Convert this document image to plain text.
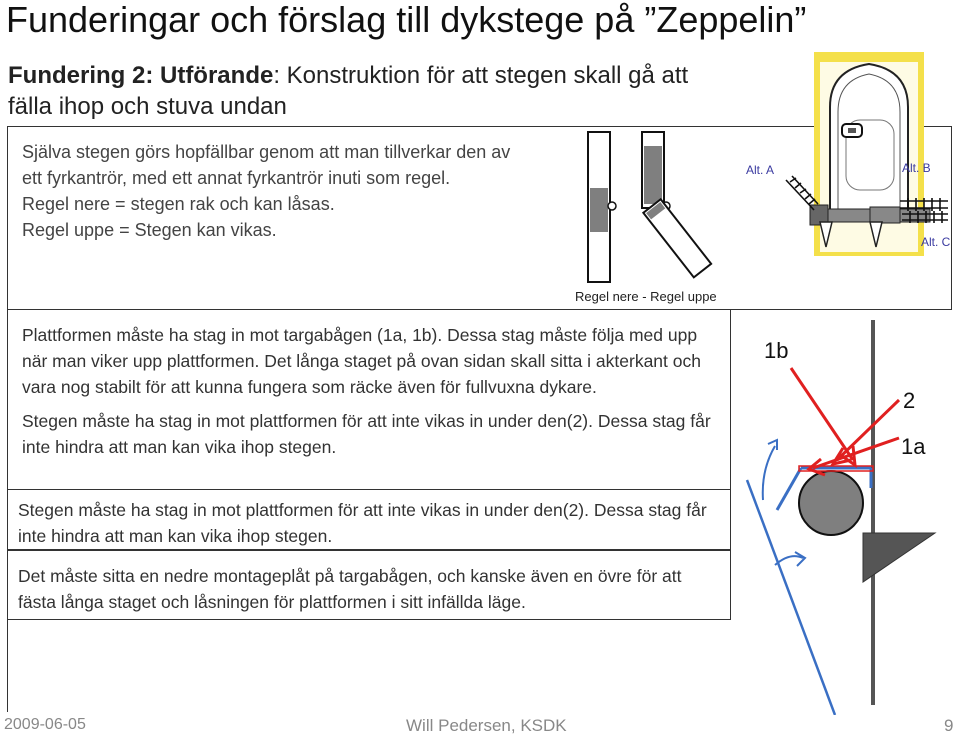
Funderingar och förslag till dykstege på ”Zeppelin”
Fundering 2: Utförande: Konstruktion för att stegen skall gå att fälla ihop och stuva undan
Själva stegen görs hopfällbar genom att man tillverkar den av
ett fyrkantrör, med ett annat fyrkantrör inuti som regel.
Regel nere = stegen rak och kan låsas.
Regel uppe = Stegen kan vikas.
Regel nere - Regel uppe
Alt. A	Alt. B
Alt. C

Plattformen måste ha stag in mot targabågen (1a, 1b). Dessa stag måste följa med upp när man viker upp plattformen. Det långa staget på ovan sidan skall sitta i akterkant och vara nog stabilt för att kunna fungera som räcke även för fullvuxna dykare.

Stegen måste ha stag in mot plattformen för att inte vikas in under den(2). Dessa stag får inte hindra att man kan vika ihop stegen.

Stegen måste ha stag in mot plattformen för att inte vikas in under den(2). Dessa stag får inte hindra att man kan vika ihop stegen.
Det måste sitta en nedre montageplåt på targabågen, och kanske även en övre för att fästa långa staget och låsningen för plattformen i sitt infällda läge.
1b
2
1a
2009-06-05	Will Pedersen, KSDK	9
